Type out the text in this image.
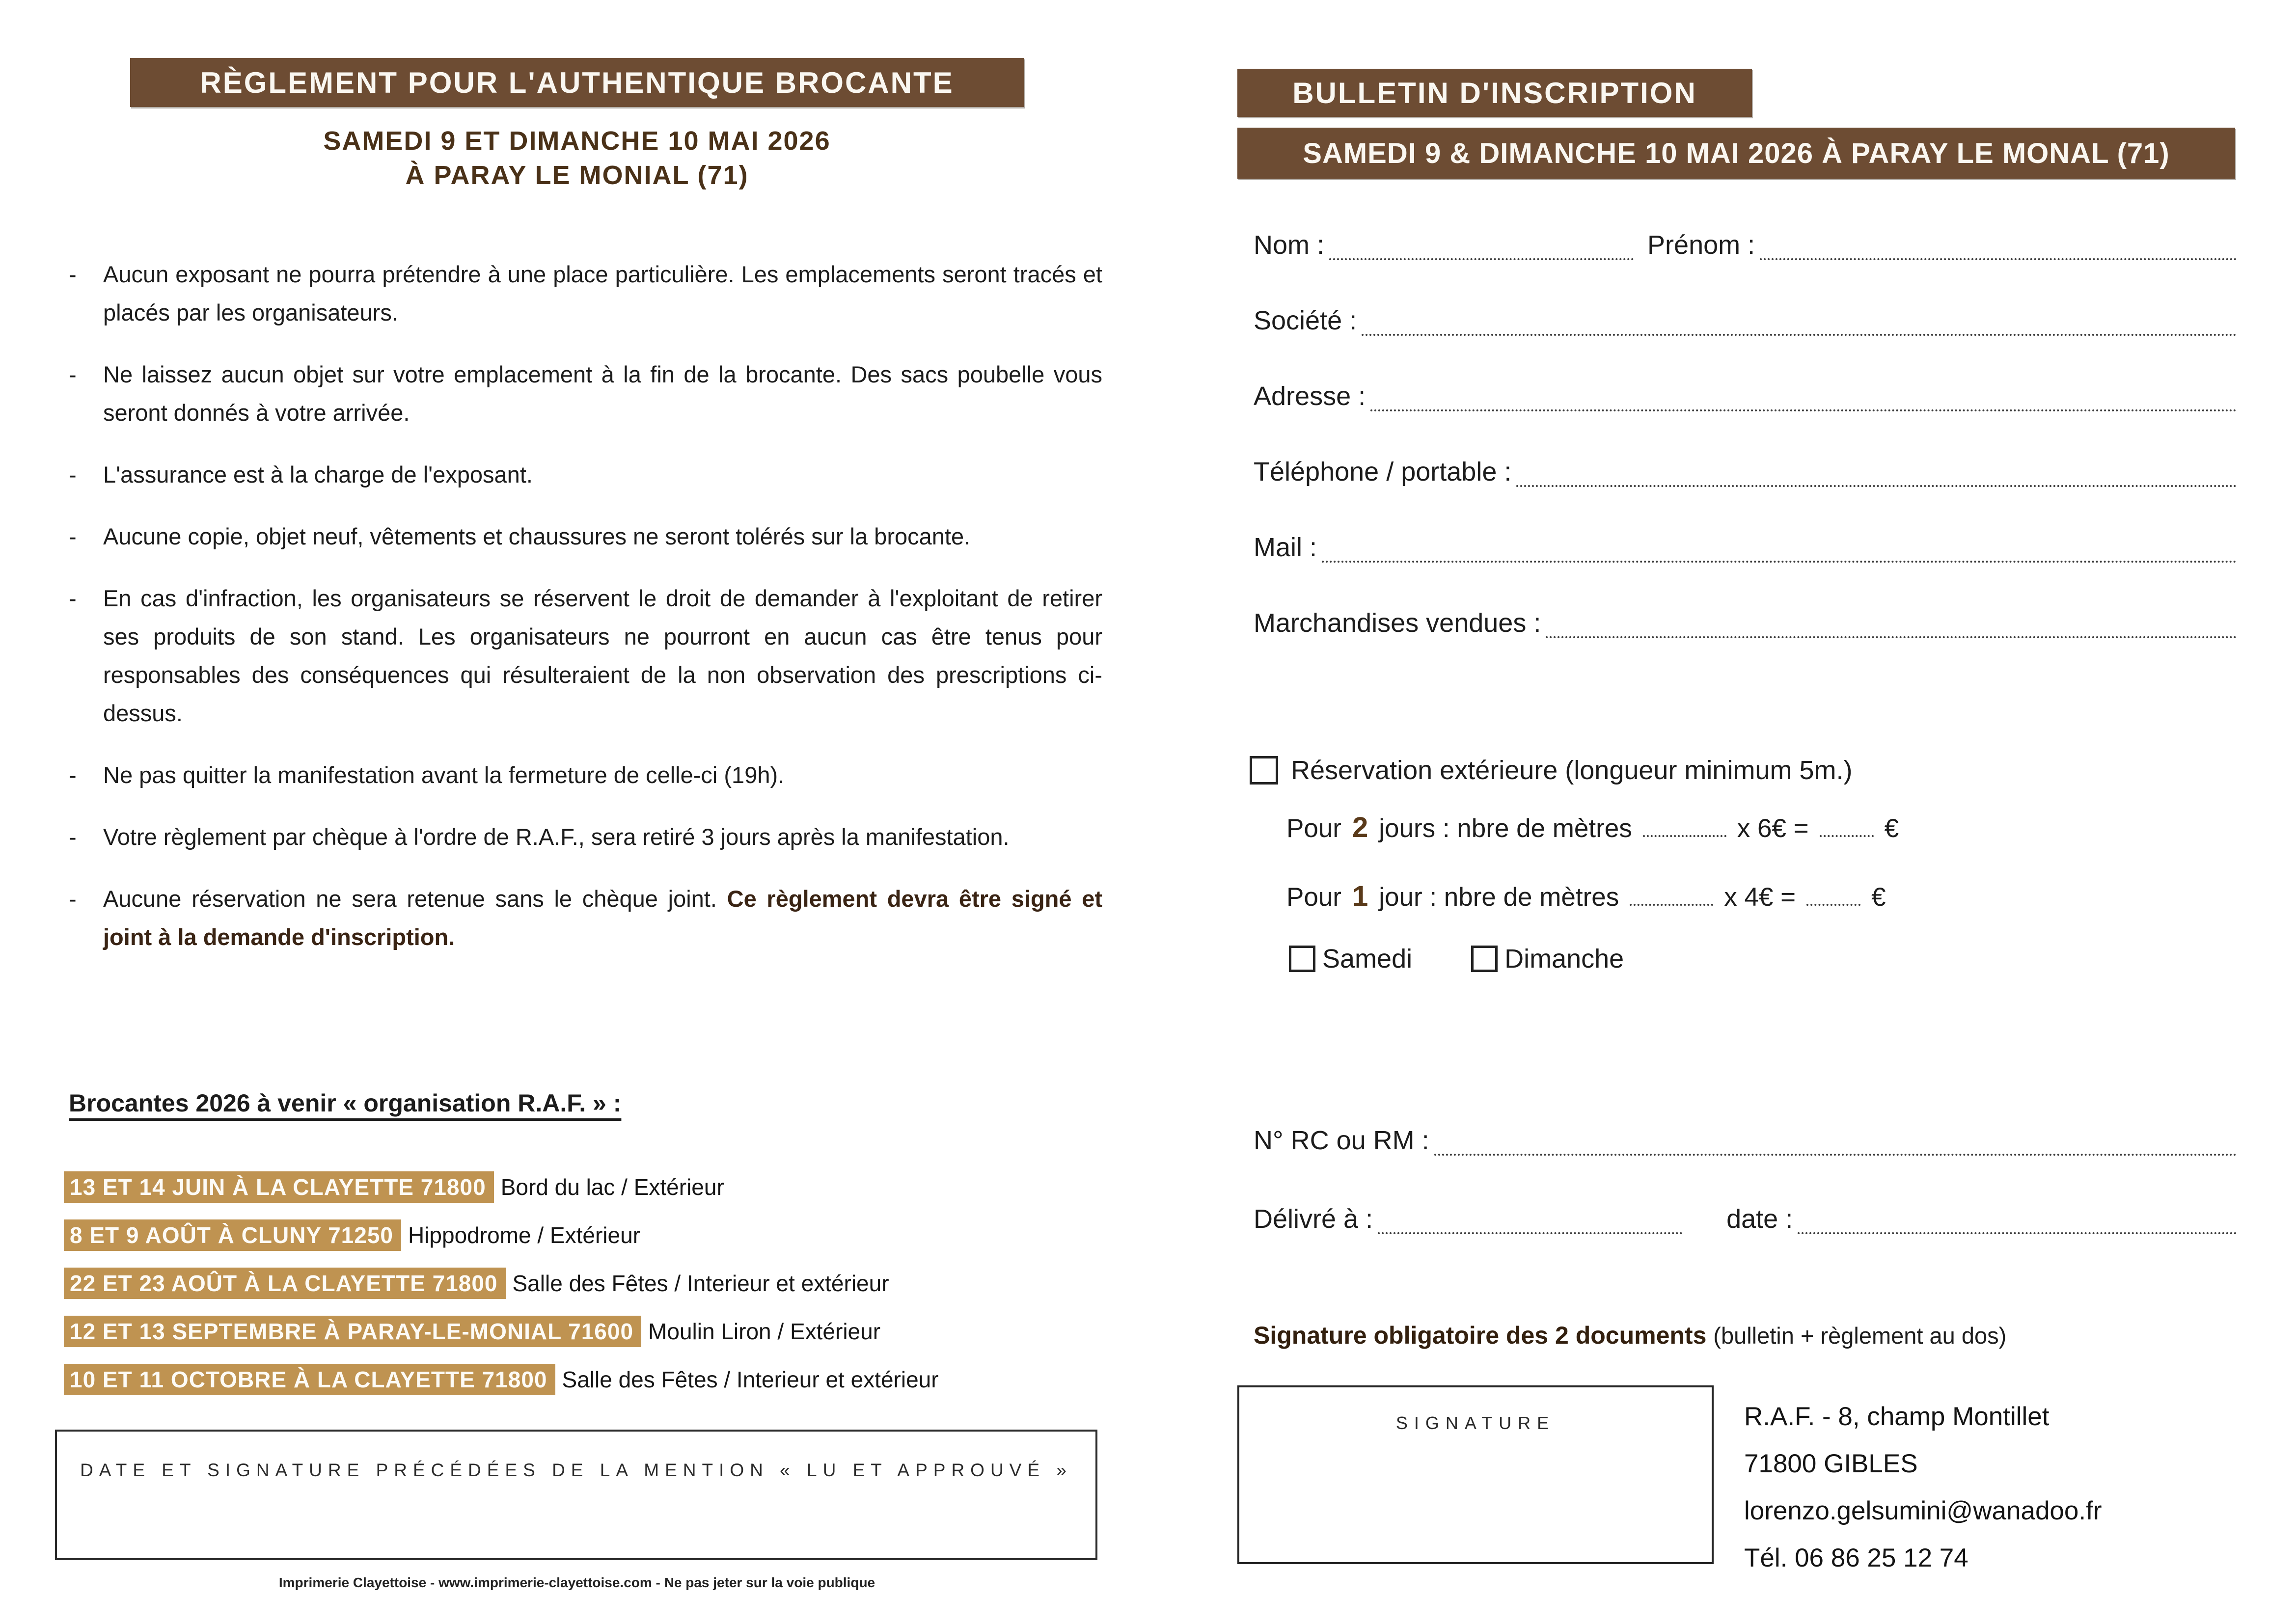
RÈGLEMENT POUR L'AUTHENTIQUE BROCANTE
SAMEDI 9 ET DIMANCHE 10 MAI 2026
À PARAY LE MONIAL (71)
- Aucun exposant ne pourra prétendre à une place particulière. Les emplacements seront tracés et placés par les organisateurs.
- Ne laissez aucun objet sur votre emplacement à la fin de la brocante. Des sacs poubelle vous seront donnés à votre arrivée.
- L'assurance est à la charge de l'exposant.
- Aucune copie, objet neuf, vêtements et chaussures ne seront tolérés sur la brocante.
- En cas d'infraction, les organisateurs se réservent le droit de demander à l'exploitant de retirer ses produits de son stand. Les organisateurs ne pourront en aucun cas être tenus pour responsables des conséquences qui résulteraient de la non observation des prescriptions ci-dessus.
- Ne pas quitter la manifestation avant la fermeture de celle-ci (19h).
- Votre règlement par chèque à l'ordre de R.A.F., sera retiré 3 jours après la manifestation.
- Aucune réservation ne sera retenue sans le chèque joint. Ce règlement devra être signé et joint à la demande d'inscription.
Brocantes 2026 à venir « organisation R.A.F. » :
13 ET 14 JUIN À LA CLAYETTE 71800 Bord du lac / Extérieur
8 ET 9 AOÛT À CLUNY 71250 Hippodrome / Extérieur
22 ET 23 AOÛT À LA CLAYETTE 71800 Salle des Fêtes / Interieur et extérieur
12 ET 13 SEPTEMBRE À PARAY-LE-MONIAL 71600 Moulin Liron / Extérieur
10 ET 11 OCTOBRE À LA CLAYETTE 71800 Salle des Fêtes / Interieur et extérieur
DATE ET SIGNATURE PRÉCÉDÉES DE LA MENTION « LU ET APPROUVÉ »
Imprimerie Clayettoise - www.imprimerie-clayettoise.com - Ne pas jeter sur la voie publique
BULLETIN D'INSCRIPTION
SAMEDI 9 & DIMANCHE 10 MAI 2026 À PARAY LE MONAL (71)
Nom :	Prénom :
Société :
Adresse :
Téléphone / portable :
Mail :
Marchandises vendues :
Réservation extérieure (longueur minimum 5m.)
Pour 2 jours : nbre de mètres	x 6€ =	€
Pour 1 jour : nbre de mètres	x 4€ =	€
Samedi	Dimanche
N° RC ou RM :
Délivré à :	date :
Signature obligatoire des 2 documents (bulletin + règlement au dos)
SIGNATURE	R.A.F. - 8, champ Montillet
71800 GIBLES
lorenzo.gelsumini@wanadoo.fr
Tél. 06 86 25 12 74
